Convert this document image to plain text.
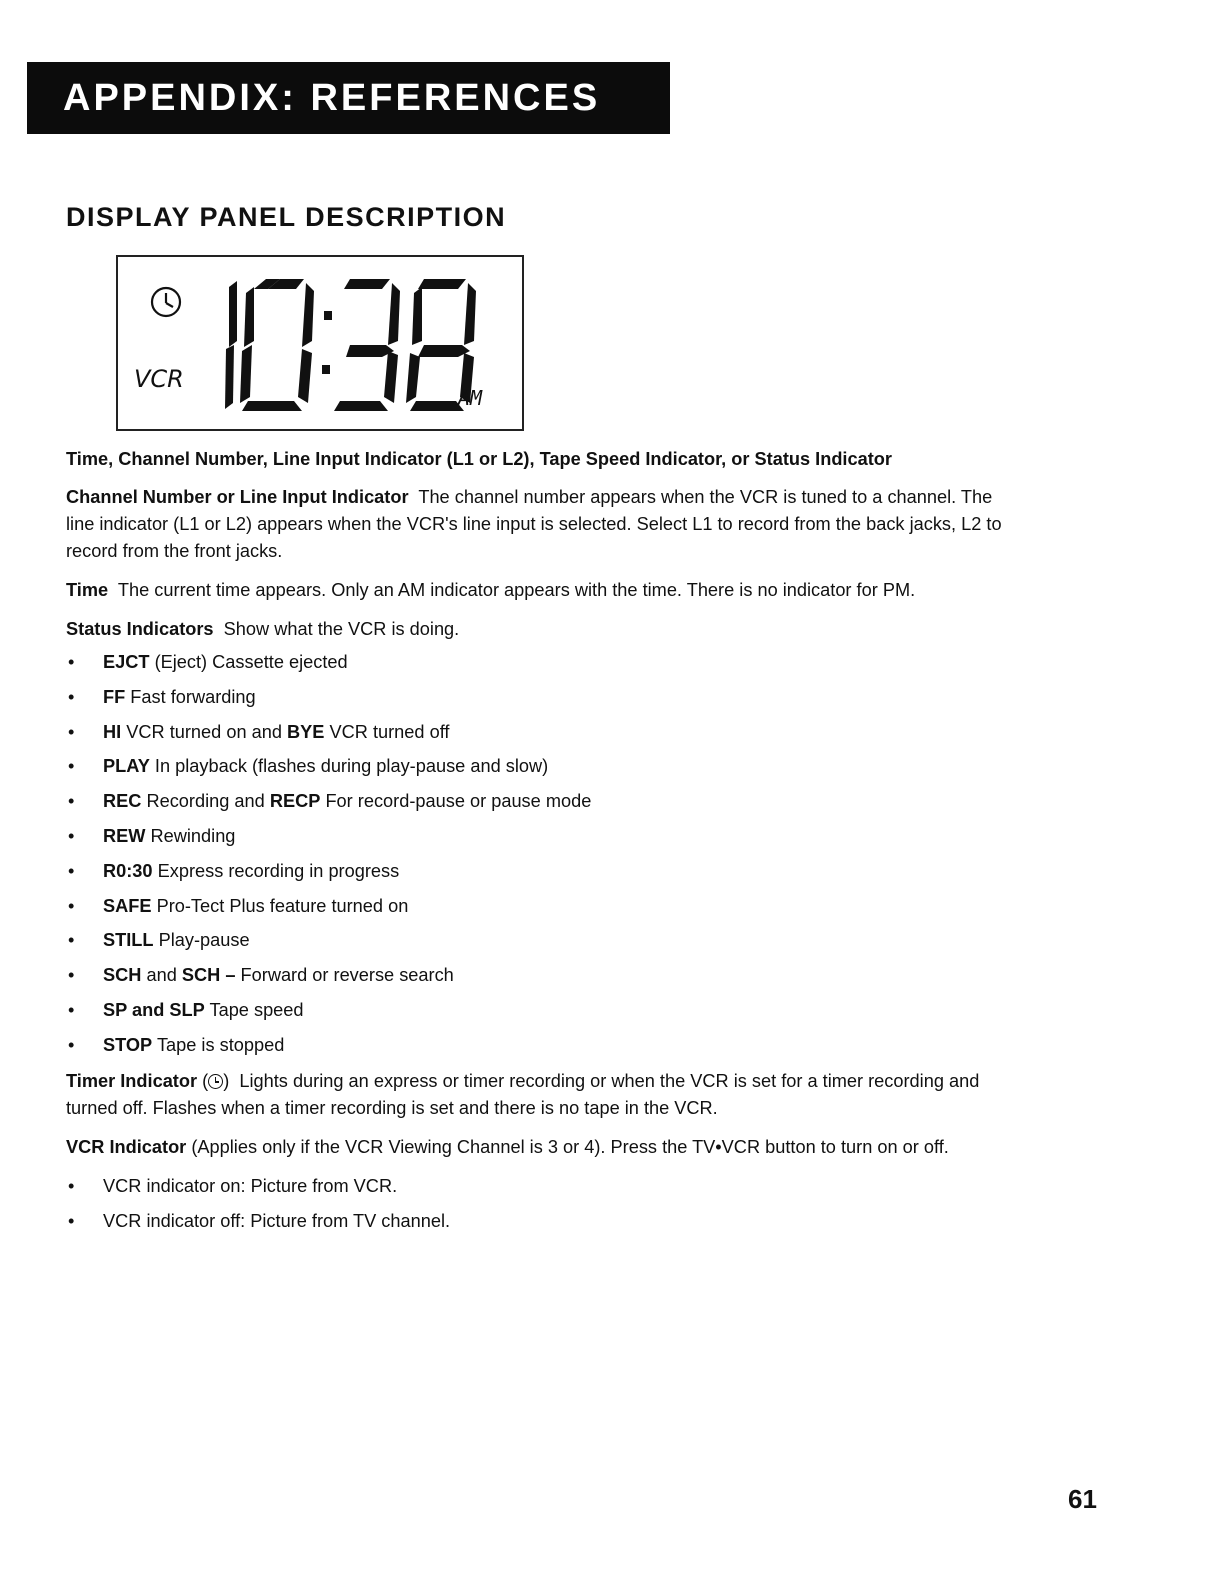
APPENDIX: REFERENCES
DISPLAY PANEL DESCRIPTION
VCR
AM

Time, Channel Number, Line Input Indicator (L1 or L2), Tape Speed Indicator, or Status Indicator

Channel Number or Line Input Indicator The channel number appears when the VCR is tuned to a channel. The line indicator (L1 or L2) appears when the VCR's line input is selected. Select L1 to record from the back jacks, L2 to record from the front jacks.

Time The current time appears. Only an AM indicator appears with the time. There is no indicator for PM.

Status Indicators Show what the VCR is doing.

• EJCT (Eject) Cassette ejected
• FF Fast forwarding
• HI VCR turned on and BYE VCR turned off
• PLAY In playback (flashes during play-pause and slow)
• REC Recording and RECP For record-pause or pause mode
• REW Rewinding
• R0:30 Express recording in progress
• SAFE Pro-Tect Plus feature turned on
• STILL Play-pause
• SCH and SCH – Forward or reverse search
• SP and SLP Tape speed
• STOP Tape is stopped

Timer Indicator ( ) Lights during an express or timer recording or when the VCR is set for a timer recording and turned off. Flashes when a timer recording is set and there is no tape in the VCR.

VCR Indicator (Applies only if the VCR Viewing Channel is 3 or 4). Press the TV•VCR button to turn on or off.

• VCR indicator on: Picture from VCR.
• VCR indicator off: Picture from TV channel.
61
